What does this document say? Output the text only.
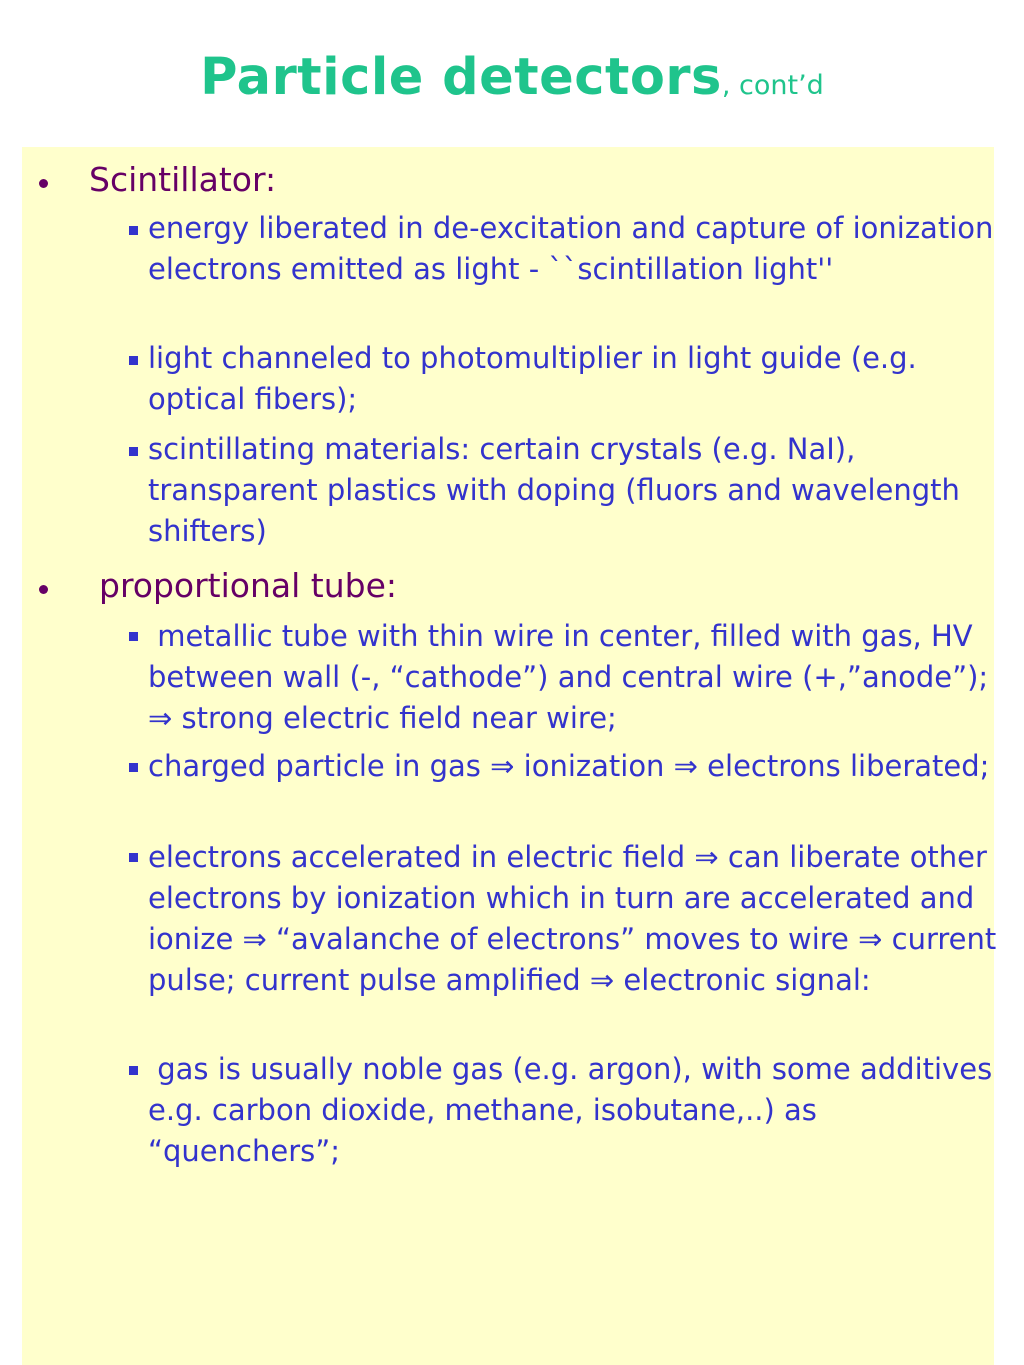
Particle detectors, cont’d
Scintillator:
energy liberated in de-excitation and capture of ionization electrons emitted as light - ``scintillation light''
light channeled to photomultiplier in light guide (e.g. optical fibers);
scintillating materials: certain crystals (e.g. NaI), transparent plastics with doping (fluors and wavelength shifters)
proportional tube:
metallic tube with thin wire in center, filled with gas, HV between wall (-, “cathode”) and central wire (+,”anode”);  ⇒ strong electric field near wire;
charged particle in gas ⇒ ionization ⇒ electrons liberated;
electrons accelerated in electric field ⇒ can liberate other electrons by ionization which in turn are accelerated and ionize ⇒ “avalanche of electrons” moves to wire ⇒ current pulse; current pulse amplified ⇒ electronic signal:
gas is usually noble gas (e.g. argon), with some additives e.g. carbon dioxide, methane, isobutane,..) as “quenchers”;
